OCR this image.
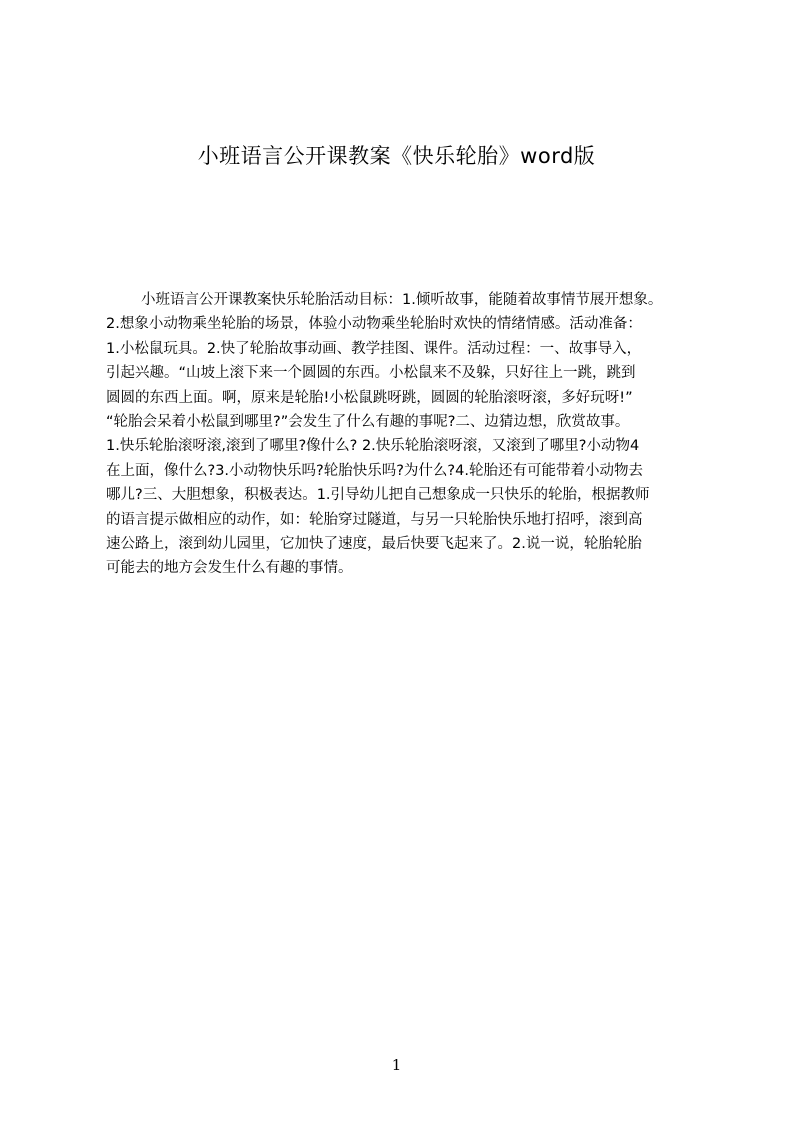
小班语言公开课教案《快乐轮胎》word版
小班语言公开课教案快乐轮胎活动目标：1.倾听故事，能随着故事情节展开想象。
2.想象小动物乘坐轮胎的场景，体验小动物乘坐轮胎时欢快的情绪情感。活动准备：
1.小松鼠玩具。2.快了轮胎故事动画、教学挂图、课件。活动过程：一、故事导入，
引起兴趣。“山坡上滚下来一个圆圆的东西。小松鼠来不及躲，只好往上一跳，跳到
圆圆的东西上面。啊，原来是轮胎!小松鼠跳呀跳，圆圆的轮胎滚呀滚，多好玩呀!”
“轮胎会呆着小松鼠到哪里?”会发生了什么有趣的事呢?二、边猜边想，欣赏故事。
1.快乐轮胎滚呀滚,滚到了哪里?像什么? 2.快乐轮胎滚呀滚，又滚到了哪里?小动物4
在上面，像什么?3.小动物快乐吗?轮胎快乐吗?为什么?4.轮胎还有可能带着小动物去
哪儿?三、大胆想象，积极表达。1.引导幼儿把自己想象成一只快乐的轮胎，根据教师
的语言提示做相应的动作，如：轮胎穿过隧道，与另一只轮胎快乐地打招呼，滚到高
速公路上，滚到幼儿园里，它加快了速度，最后快要飞起来了。2.说一说，轮胎轮胎
可能去的地方会发生什么有趣的事情。
1
